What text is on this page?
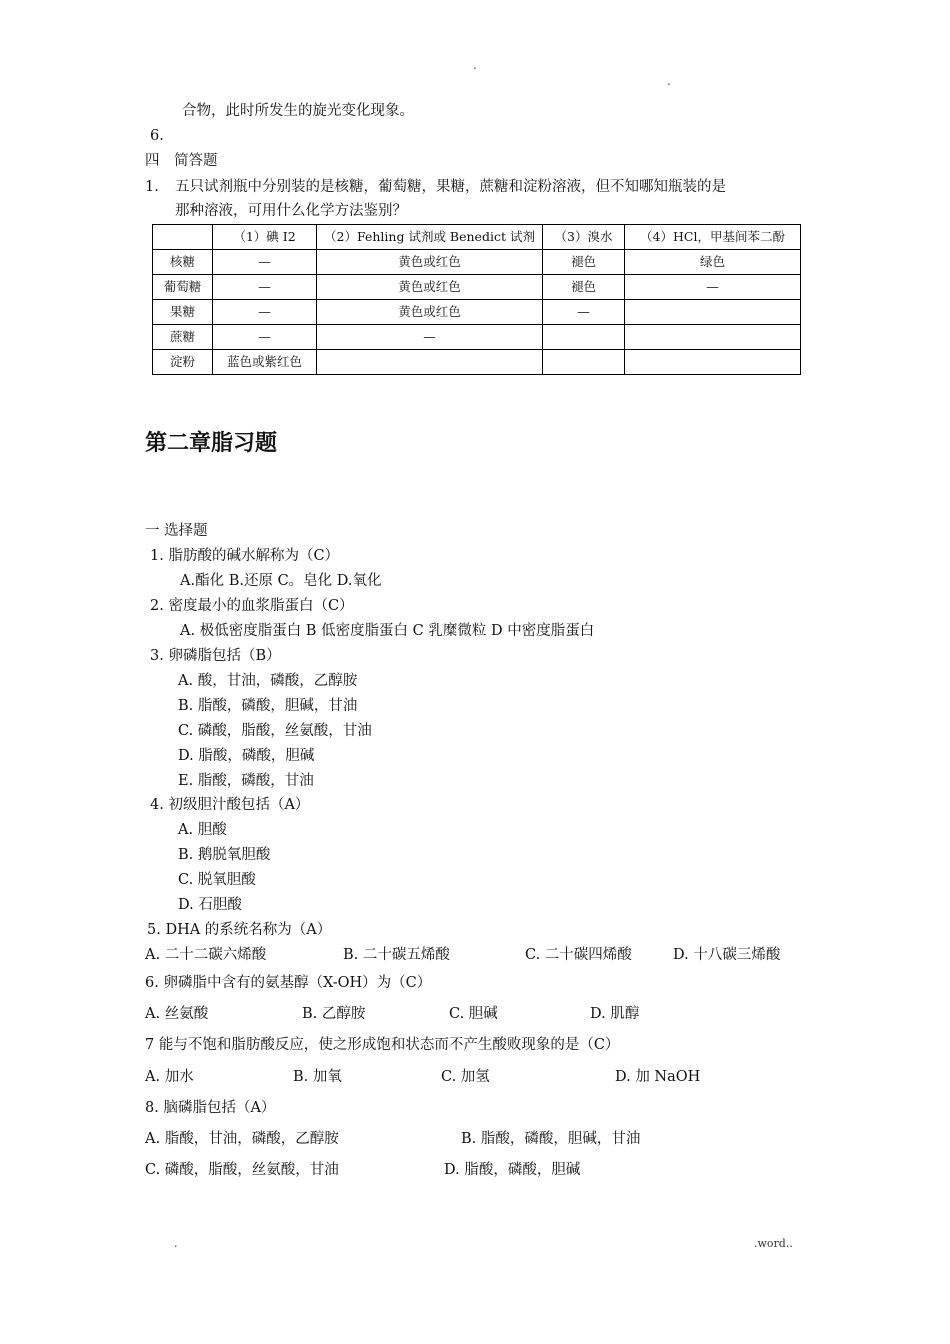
.
.
合物，此时所发生的旋光变化现象。
6.
四　简答题
1. 五只试剂瓶中分别装的是核糖，葡萄糖，果糖，蔗糖和淀粉溶液，但不知哪知瓶装的是
那种溶液，可用什么化学方法鉴别？
	（1）碘 I2	（2）Fehling 试剂或 Benedict 试剂	（3）溴水	（4）HCl，甲基间苯二酚
核糖	—	黄色或红色	褪色	绿色
葡萄糖	—	黄色或红色	褪色	—
果糖	—	黄色或红色	—	
蔗糖	—	—		
淀粉	蓝色或紫红色			
第二章脂习题
一 选择题
1. 脂肪酸的碱水解称为（C）
A.酯化 B.还原 C。皂化 D.氧化
2. 密度最小的血浆脂蛋白（C）
A. 极低密度脂蛋白 B 低密度脂蛋白 C 乳糜微粒 D 中密度脂蛋白
3. 卵磷脂包括（B）
A. 酸，甘油，磷酸，乙醇胺
B. 脂酸，磷酸，胆碱，甘油
C. 磷酸，脂酸，丝氨酸，甘油
D. 脂酸，磷酸，胆碱
E. 脂酸，磷酸，甘油
4. 初级胆汁酸包括（A）
A. 胆酸
B. 鹅脱氧胆酸
C. 脱氧胆酸
D. 石胆酸
5. DHA 的系统名称为（A）
A. 二十二碳六烯酸	B. 二十碳五烯酸	C. 二十碳四烯酸	D. 十八碳三烯酸
6. 卵磷脂中含有的氨基醇（X-OH）为（C）
A. 丝氨酸	B. 乙醇胺	C. 胆碱	D. 肌醇
7 能与不饱和脂肪酸反应，使之形成饱和状态而不产生酸败现象的是（C）
A. 加水	B. 加氧	C. 加氢	D. 加 NaOH
8. 脑磷脂包括（A）
A. 脂酸，甘油，磷酸，乙醇胺	B. 脂酸，磷酸，胆碱，甘油
C. 磷酸，脂酸，丝氨酸，甘油	D. 脂酸，磷酸，胆碱
.	.word..
